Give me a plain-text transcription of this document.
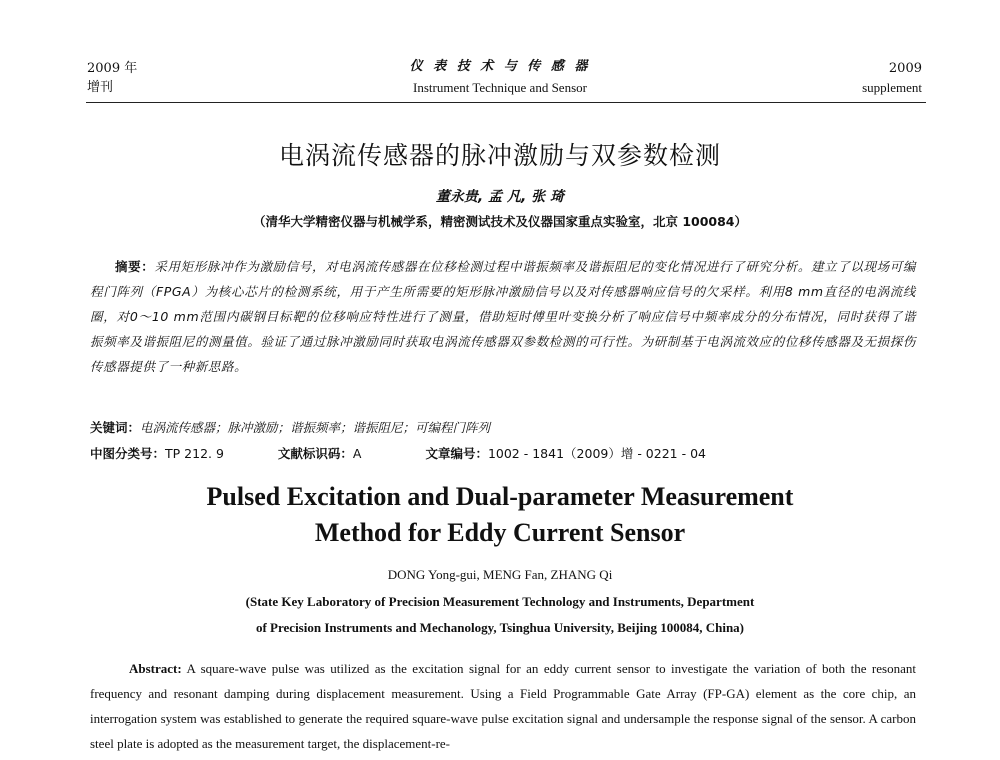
2009 年
增刊
仪 表 技 术 与 传 感 器
Instrument Technique and Sensor
2009
supplement
电涡流传感器的脉冲激励与双参数检测
董永贵, 孟 凡, 张 琦
（清华大学精密仪器与机械学系，精密测试技术及仪器国家重点实验室，北京 100084）
摘要：采用矩形脉冲作为激励信号，对电涡流传感器在位移检测过程中谐振频率及谐振阻尼的变化情况进行了研究分析。建立了以现场可编程门阵列（FPGA）为核心芯片的检测系统，用于产生所需要的矩形脉冲激励信号以及对传感器响应信号的欠采样。利用8 mm直径的电涡流线圈，对0～10 mm范围内碳钢目标靶的位移响应特性进行了测量，借助短时傅里叶变换分析了响应信号中频率成分的分布情况，同时获得了谐振频率及谐振阻尼的测量值。验证了通过脉冲激励同时获取电涡流传感器双参数检测的可行性。为研制基于电涡流效应的位移传感器及无损探伤传感器提供了一种新思路。
关键词：电涡流传感器；脉冲激励；谐振频率；谐振阻尼；可编程门阵列
中图分类号：TP 212. 9	文献标识码：A	文章编号：1002 - 1841（2009）增 - 0221 - 04
Pulsed Excitation and Dual-parameter Measurement
Method for Eddy Current Sensor
DONG Yong-gui, MENG Fan, ZHANG Qi
(State Key Laboratory of Precision Measurement Technology and Instruments, Department
of Precision Instruments and Mechanology, Tsinghua University, Beijing 100084, China)
Abstract: A square-wave pulse was utilized as the excitation signal for an eddy current sensor to investigate the variation of both the resonant frequency and resonant damping during displacement measurement. Using a Field Programmable Gate Array (FP-GA) element as the core chip, an interrogation system was established to generate the required square-wave pulse excitation signal and undersample the response signal of the sensor. A carbon steel plate is adopted as the measurement target, the displacement-re-
